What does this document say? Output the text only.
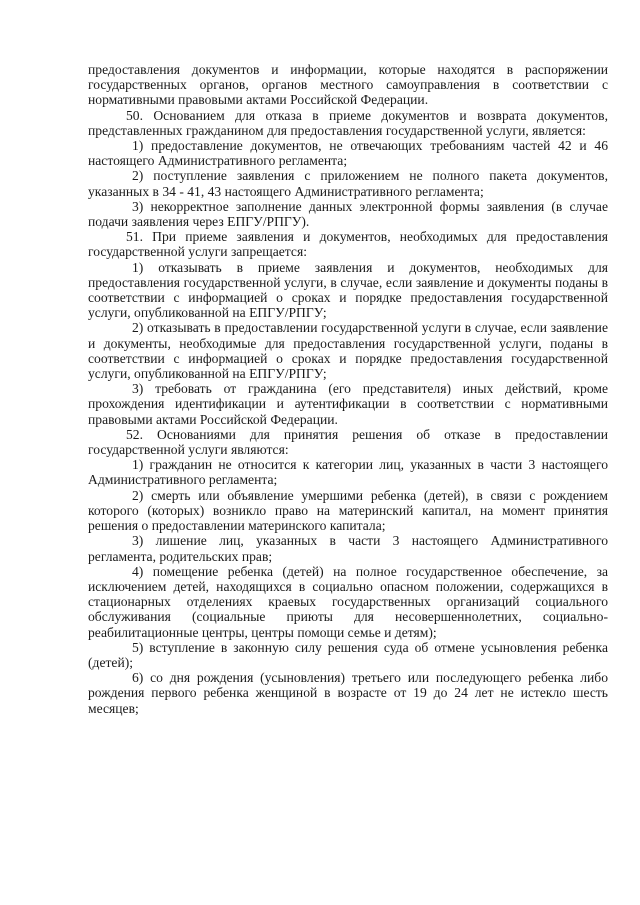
предоставления документов и информации, которые находятся в распоряжении государственных органов, органов местного самоуправления в соответствии с нормативными правовыми актами Российской Федерации.

50. Основанием для отказа в приеме документов и возврата документов, представленных гражданином для предоставления государственной услуги, является:

1) предоставление документов, не отвечающих требованиям частей 42 и 46 настоящего Административного регламента;

2) поступление заявления с приложением не полного пакета документов, указанных в 34 - 41, 43 настоящего Административного регламента;

3) некорректное заполнение данных электронной формы заявления (в случае подачи заявления через ЕПГУ/РПГУ).

51. При приеме заявления и документов, необходимых для предоставления государственной услуги запрещается:

1) отказывать в приеме заявления и документов, необходимых для предоставления государственной услуги, в случае, если заявление и документы поданы в соответствии с информацией о сроках и порядке предоставления государственной услуги, опубликованной на ЕПГУ/РПГУ;

2) отказывать в предоставлении государственной услуги в случае, если заявление и документы, необходимые для предоставления государственной услуги, поданы в соответствии с информацией о сроках и порядке предоставления государственной услуги, опубликованной на ЕПГУ/РПГУ;

3) требовать от гражданина (его представителя) иных действий, кроме прохождения идентификации и аутентификации в соответствии с нормативными правовыми актами Российской Федерации.

52. Основаниями для принятия решения об отказе в предоставлении государственной услуги являются:

1) гражданин не относится к категории лиц, указанных в части 3 настоящего Административного регламента;

2) смерть или объявление умершими ребенка (детей), в связи с рождением которого (которых) возникло право на материнский капитал, на момент принятия решения о предоставлении материнского капитала;

3) лишение лиц, указанных в части 3 настоящего Административного регламента, родительских прав;

4) помещение ребенка (детей) на полное государственное обеспечение, за исключением детей, находящихся в социально опасном положении, содержащихся в стационарных отделениях краевых государственных организаций социального обслуживания (социальные приюты для несовершеннолетних, социально-реабилитационные центры, центры помощи семье и детям);

5) вступление в законную силу решения суда об отмене усыновления ребенка (детей);

6) со дня рождения (усыновления) третьего или последующего ребенка либо рождения первого ребенка женщиной в возрасте от 19 до 24 лет не истекло шесть месяцев;
